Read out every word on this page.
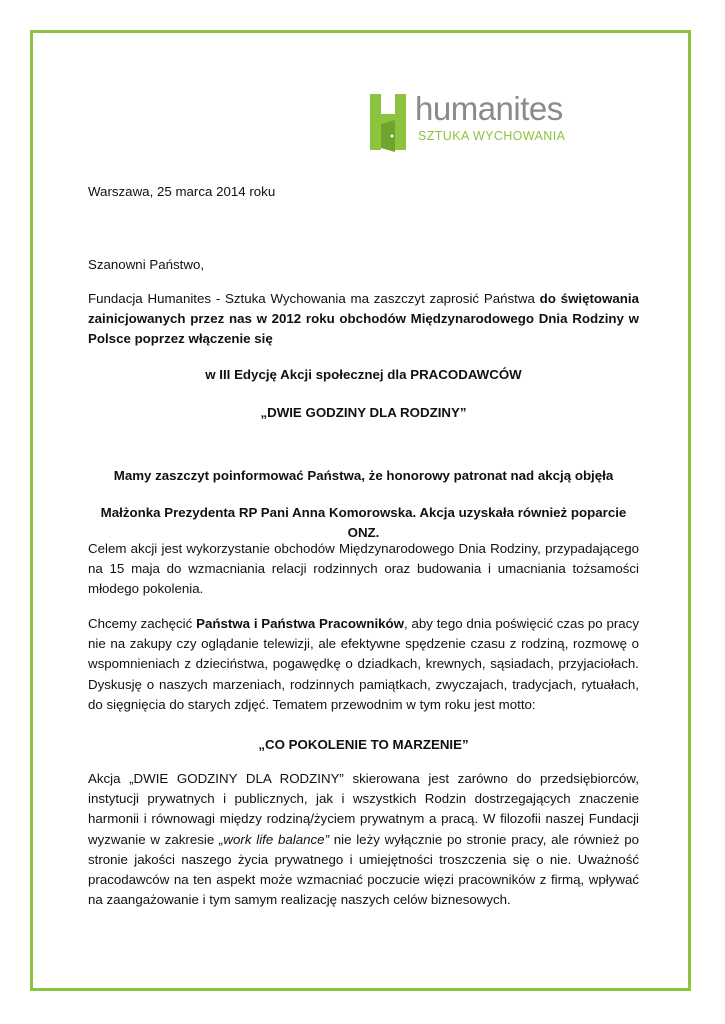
humanites
SZTUKA WYCHOWANIA
Warszawa, 25 marca 2014 roku
Szanowni Państwo,
Fundacja Humanites - Sztuka Wychowania ma zaszczyt zaprosić Państwa do świętowania zainicjowanych przez nas w 2012 roku obchodów Międzynarodowego Dnia Rodziny w Polsce poprzez włączenie się
w III Edycję Akcji społecznej dla PRACODAWCÓW
„DWIE GODZINY DLA RODZINY”
Mamy zaszczyt poinformować Państwa, że honorowy patronat nad akcją objęła
Małżonka Prezydenta RP Pani Anna Komorowska. Akcja uzyskała również poparcie ONZ.
Celem akcji jest wykorzystanie obchodów Międzynarodowego Dnia Rodziny, przypadającego na 15 maja do wzmacniania relacji rodzinnych oraz budowania i umacniania tożsamości młodego pokolenia.
Chcemy zachęcić Państwa i Państwa Pracowników, aby tego dnia poświęcić czas po pracy nie na zakupy czy oglądanie telewizji, ale efektywne spędzenie czasu z rodziną, rozmowę o wspomnieniach z dzieciństwa, pogawędkę o dziadkach, krewnych, sąsiadach, przyjaciołach. Dyskusję o naszych marzeniach, rodzinnych pamiątkach, zwyczajach, tradycjach, rytuałach, do sięgnięcia do starych zdjęć. Tematem przewodnim w tym roku jest motto:
„CO POKOLENIE TO MARZENIE”
Akcja „DWIE GODZINY DLA RODZINY” skierowana jest zarówno do przedsiębiorców, instytucji prywatnych i publicznych, jak i wszystkich Rodzin dostrzegających znaczenie harmonii i równowagi między rodziną/życiem prywatnym a pracą. W filozofii naszej Fundacji wyzwanie w zakresie „work life balance” nie leży wyłącznie po stronie pracy, ale również po stronie jakości naszego życia prywatnego i umiejętności troszczenia się o nie. Uważność pracodawców na ten aspekt może wzmacniać poczucie więzi pracowników z firmą, wpływać na zaangażowanie i tym samym realizację naszych celów biznesowych.
